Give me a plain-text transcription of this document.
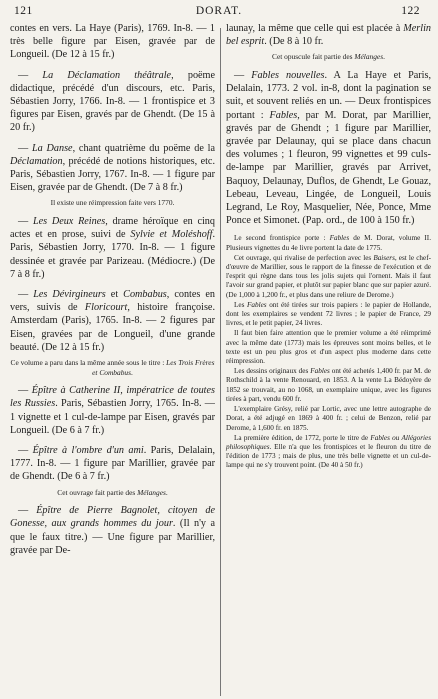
121	DORAT.	122

contes en vers. La Haye (Paris), 1769. In-8. — 1 très belle figure par Eisen, gravée par de Longueil. (De 12 à 15 fr.)

— La Déclamation théâtrale, poëme didactique, précédé d'un discours, etc. Paris, Sébastien Jorry, 1766. In-8. — 1 frontispice et 3 figures par Eisen, gravés par de Ghendt. (De 15 à 20 fr.)

— La Danse, chant quatrième du poëme de la Déclamation, précédé de notions historiques, etc. Paris, Sébastien Jorry, 1767. In-8. — 1 figure par Eisen, gravée par de Ghendt. (De 7 à 8 fr.)

Il existe une réimpression faite vers 1770.

— Les Deux Reines, drame héroïque en cinq actes et en prose, suivi de Sylvie et Moléshoff. Paris, Sébastien Jorry, 1770. In-8. — 1 figure dessinée et gravée par Parizeau. (Médiocre.) (De 7 à 8 fr.)

— Les Dévirgineurs et Combabus, contes en vers, suivis de Floricourt, histoire françoise. Amsterdam (Paris), 1765. In-8. — 2 figures par Eisen, gravées par de Longueil, d'une grande beauté. (De 12 à 15 fr.)

Ce volume a paru dans la même année sous le titre : Les Trois Frères et Combabus.

— Épître à Catherine II, impératrice de toutes les Russies. Paris, Sébastien Jorry, 1765. In-8. — 1 vignette et 1 cul-de-lampe par Eisen, gravés par Longueil. (De 6 à 7 fr.)

— Épître à l'ombre d'un ami. Paris, Delalain, 1777. In-8. — 1 figure par Marillier, gravée par de Ghendt. (De 6 à 7 fr.)

Cet ouvrage fait partie des Mélanges.

— Épître de Pierre Bagnolet, citoyen de Gonesse, aux grands hommes du jour. (Il n'y a que le faux titre.) — Une figure par Marillier, gravée par De-

launay, la même que celle qui est placée à Merlin bel esprit. (De 8 à 10 fr.

Cet opuscule fait partie des Mélanges.

— Fables nouvelles. A La Haye et Paris, Delalain, 1773. 2 vol. in-8, dont la pagination se suit, et souvent reliés en un. — Deux frontispices portant : Fables, par M. Dorat, par Marillier, gravés par de Ghendt ; 1 figure par Marillier, gravée par Delaunay, qui se place dans chacun des volumes ; 1 fleuron, 99 vignettes et 99 culs-de-lampe par Marillier, gravés par Arrivet, Baquoy, Delaunay, Duflos, de Ghendt, Le Gouaz, Lebeau, Leveau, Lingée, de Longueil, Louis Legrand, Le Roy, Masquelier, Née, Ponce, Mme Ponce et Simonet. (Pap. ord., de 100 à 150 fr.)

Le second frontispice porte : Fables de M. Dorat, volume II. Plusieurs vignettes du 4e livre portent la date de 1775.

Cet ouvrage, qui rivalise de perfection avec les Baisers, est le chef-d'œuvre de Marillier, sous le rapport de la finesse de l'exécution et de l'esprit qui règne dans tous les jolis sujets qui l'ornent. Mais il faut l'avoir sur grand papier, et plutôt sur papier blanc que sur papier azuré. (De 1,000 à 1,200 fr., et plus dans une reliure de Derome.)

Les Fables ont été tirées sur trois papiers : le papier de Hollande, dont les exemplaires se vendent 72 livres ; le papier de France, 29 livres, et le petit papier, 24 livres.

Il faut bien faire attention que le premier volume a été réimprimé avec la même date (1773) mais les épreuves sont moins belles, et le texte est un peu plus gros et d'un aspect plus moderne dans cette réimpression.

Les dessins originaux des Fables ont été achetés 1,400 fr. par M. de Rothschild à la vente Renouard, en 1853. A la vente La Bédoyère de 1852 se trouvait, au no 1068, un exemplaire unique, avec les figures tirées à part, vendu 600 fr.

L'exemplaire Grésy, relié par Lortic, avec une lettre autographe de Dorat, a été adjugé en 1869 à 400 fr. ; celui de Benzon, relié par Derome, à 1,600 fr. en 1875.

La première édition, de 1772, porte le titre de Fables ou Allégories philosophiques. Elle n'a que les frontispices et le fleuron du titre de l'édition de 1773 ; mais de plus, une très belle vignette et un cul-de-lampe qui ne s'y trouvent point. (De 40 à 50 fr.)
